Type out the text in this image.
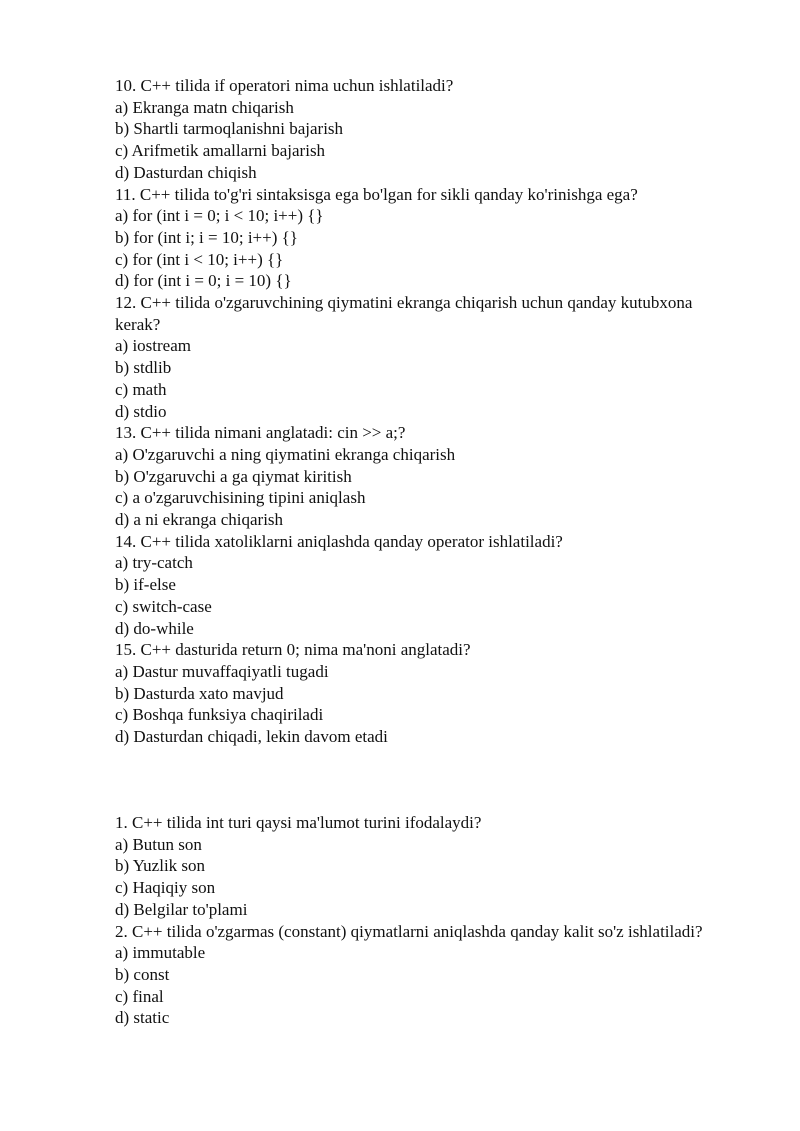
10. C++ tilida if operatori nima uchun ishlatiladi?
a) Ekranga matn chiqarish
b) Shartli tarmoqlanishni bajarish
c) Arifmetik amallarni bajarish
d) Dasturdan chiqish
11. C++ tilida to'g'ri sintaksisga ega bo'lgan for sikli qanday ko'rinishga ega?
a) for (int i = 0; i < 10; i++) {}
b) for (int i; i = 10; i++) {}
c) for (int i < 10; i++) {}
d) for (int i = 0; i = 10) {}
12. C++ tilida o'zgaruvchining qiymatini ekranga chiqarish uchun qanday kutubxona kerak?
a) iostream
b) stdlib
c) math
d) stdio
13. C++ tilida nimani anglatadi: cin >> a;?
a) O'zgaruvchi a ning qiymatini ekranga chiqarish
b) O'zgaruvchi a ga qiymat kiritish
c) a o'zgaruvchisining tipini aniqlash
d) a ni ekranga chiqarish
14. C++ tilida xatoliklarni aniqlashda qanday operator ishlatiladi?
a) try-catch
b) if-else
c) switch-case
d) do-while
15. C++ dasturida return 0; nima ma'noni anglatadi?
a) Dastur muvaffaqiyatli tugadi
b) Dasturda xato mavjud
c) Boshqa funksiya chaqiriladi
d) Dasturdan chiqadi, lekin davom etadi
1. C++ tilida int turi qaysi ma'lumot turini ifodalaydi?
a) Butun son
b) Yuzlik son
c) Haqiqiy son
d) Belgilar to'plami
2. C++ tilida o'zgarmas (constant) qiymatlarni aniqlashda qanday kalit so'z ishlatiladi?
a) immutable
b) const
c) final
d) static
